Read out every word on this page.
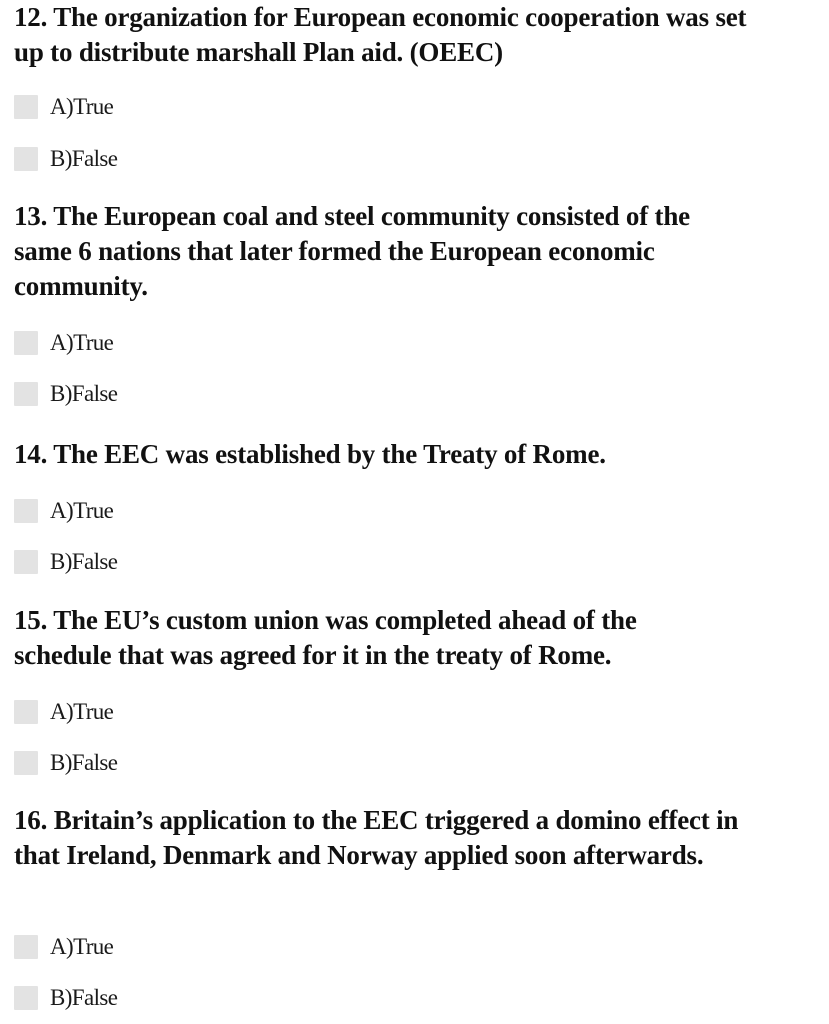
12. The organization for European economic cooperation was set up to distribute marshall Plan aid. (OEEC)

A)True
B)False

13. The European coal and steel community consisted of the same 6 nations that later formed the European economic community.

A)True
B)False

14. The EEC was established by the Treaty of Rome.

A)True
B)False

15. The EU’s custom union was completed ahead of the schedule that was agreed for it in the treaty of Rome.

A)True
B)False

16. Britain’s application to the EEC triggered a domino effect in that Ireland, Denmark and Norway applied soon afterwards.

A)True
B)False
